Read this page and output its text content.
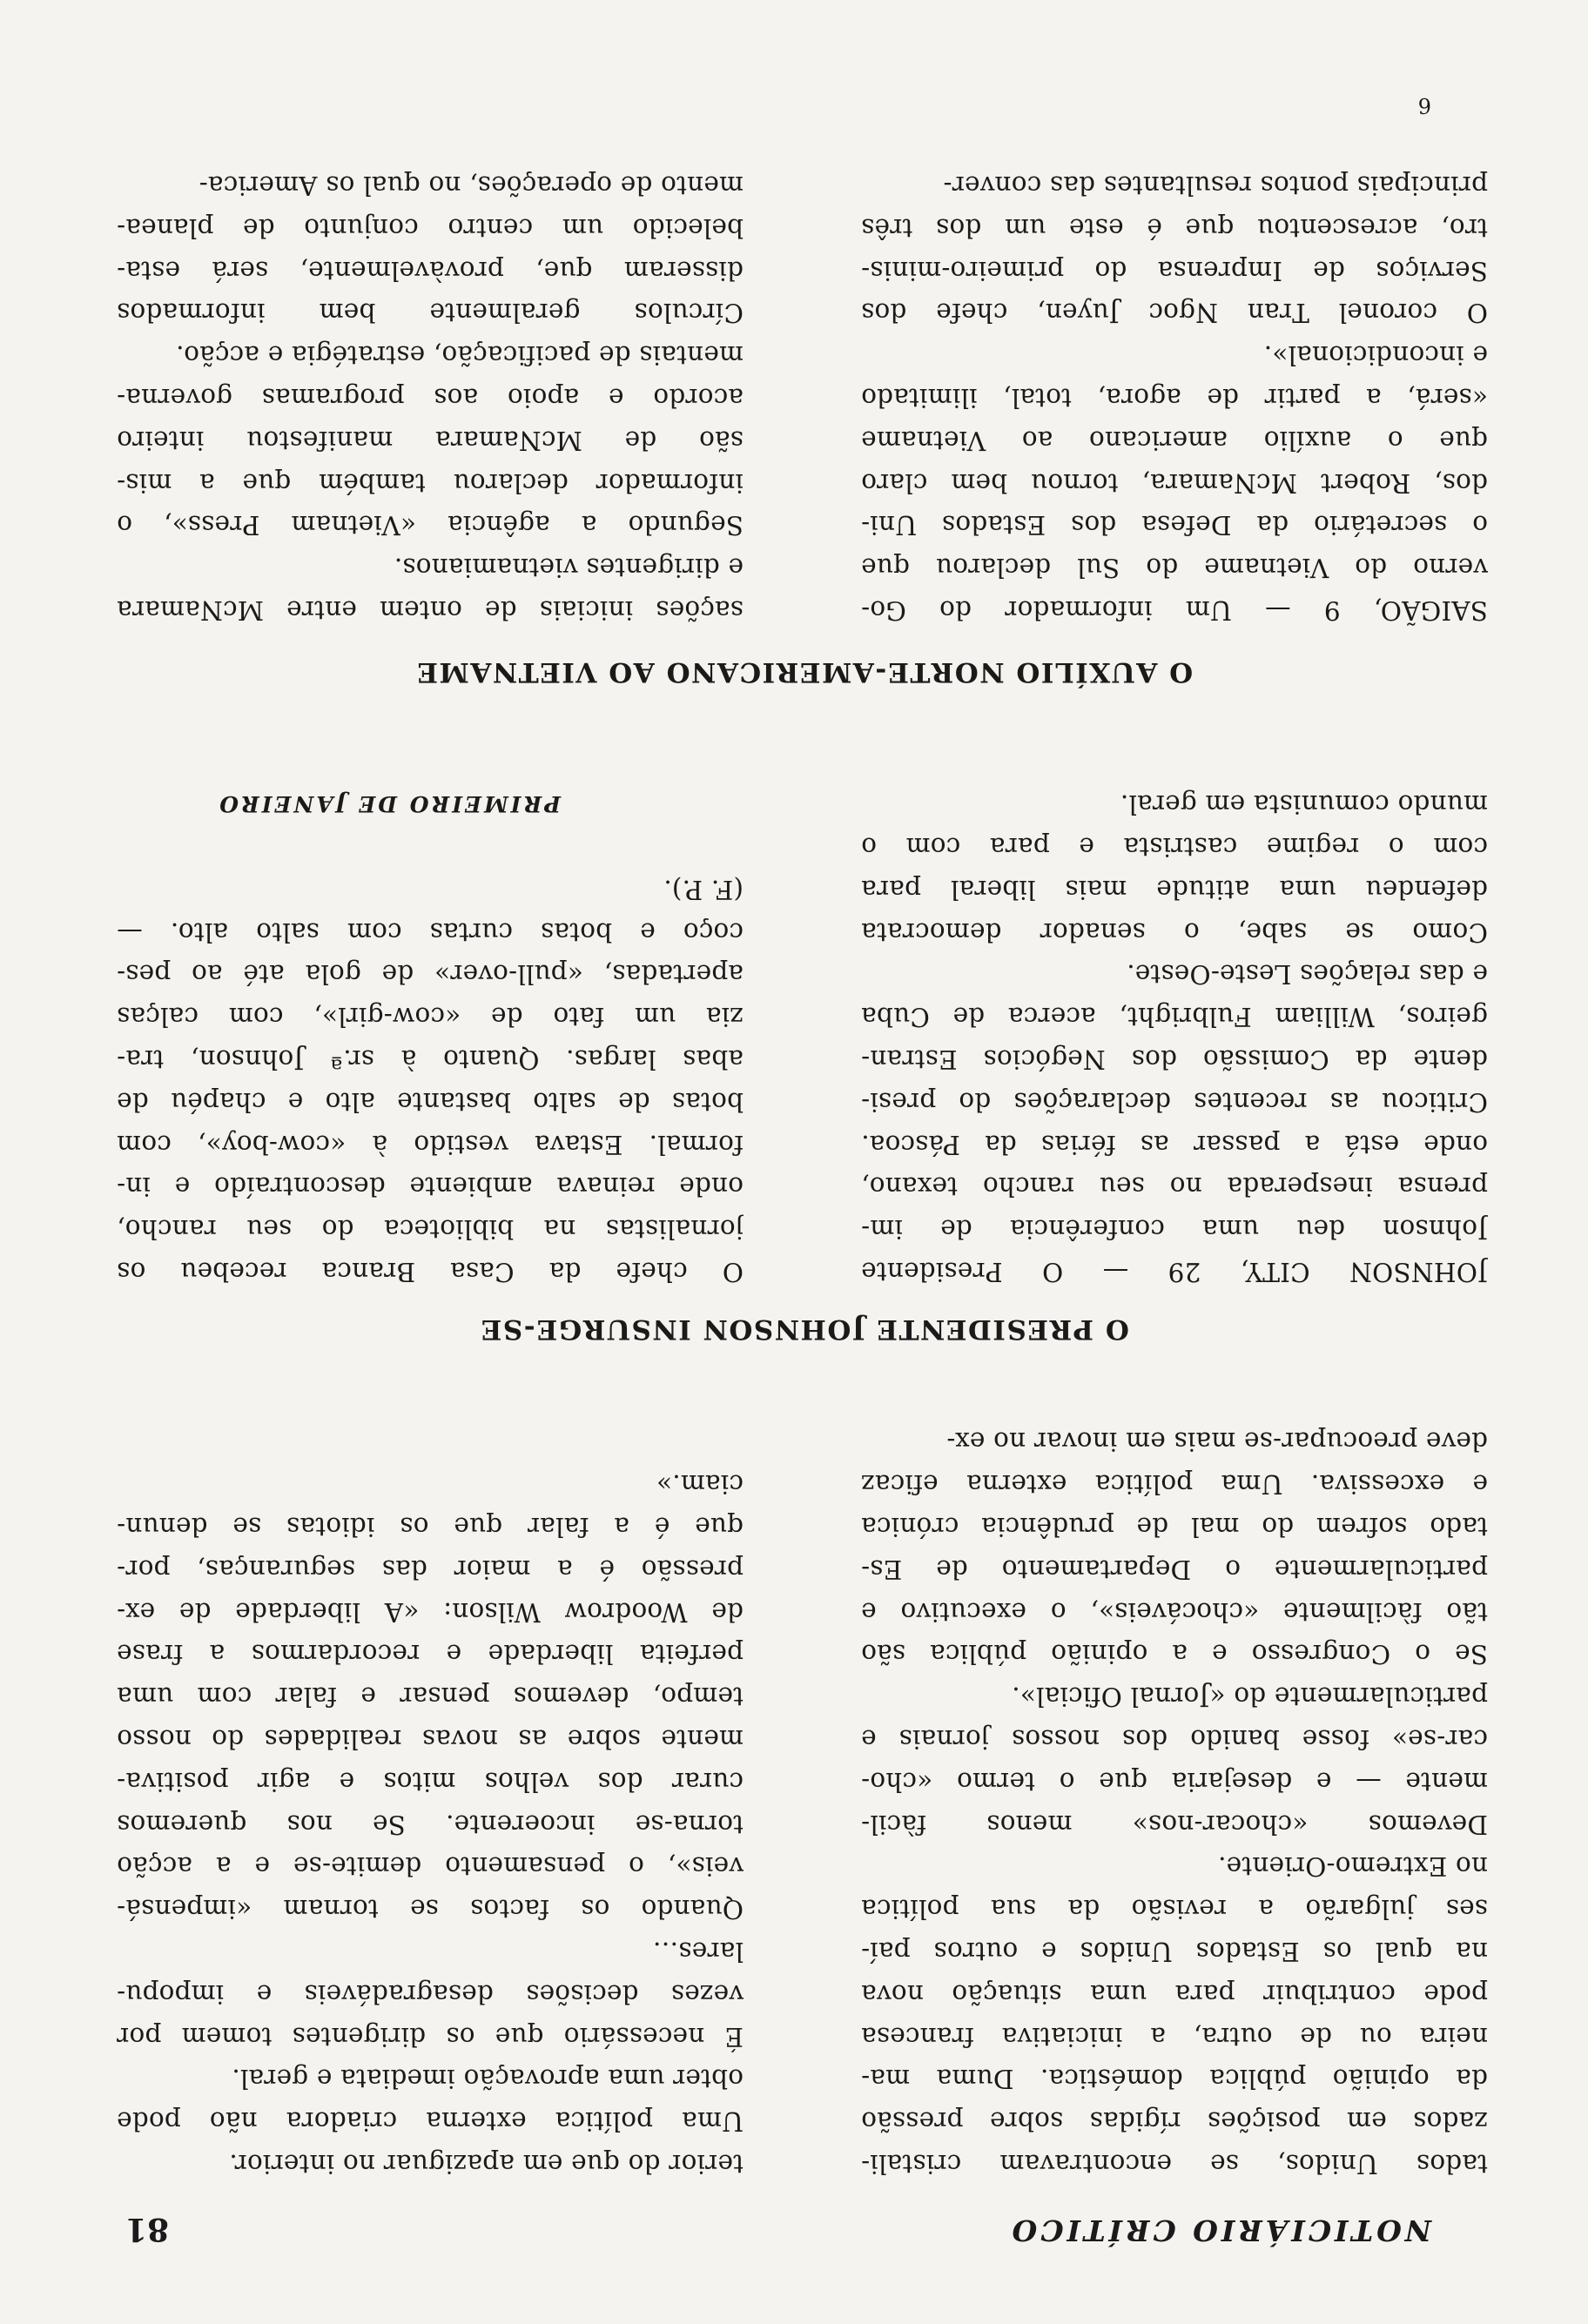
NOTICIÁRIO CRÍTICO
81
tados Unidos, se encontravam cristali-
zados em posições rígidas sobre pressão
da opinião pública doméstica. Duma ma-
neira ou de outra, a iniciativa francesa
pode contribuir para uma situação nova
na qual os Estados Unidos e outros paí-
ses julgarão a revisão da sua política
no Extremo-Oriente.
Devemos «chocar-nos» menos fàcil-
mente — e desejaria que o termo «cho-
car-se» fosse banido dos nossos jornais e
particularmente do «Jornal Oficial».
Se o Congresso e a opinião pública são
tão fàcilmente «chocáveis», o executivo e
particularmente o Departamento de Es-
tado sofrem do mal de prudência crónica
e excessiva. Uma política externa eficaz
deve preocupar-se mais em inovar no ex-
terior do que em apaziguar no interior.
Uma política externa criadora não pode
obter uma aprovação imediata e geral.
É necessário que os dirigentes tomem por
vezes decisões desagradáveis e impopu-
lares…
Quando os factos se tornam «impensá-
veis», o pensamento demite-se e a acção
torna-se incoerente. Se nos queremos
curar dos velhos mitos e agir positiva-
mente sobre as novas realidades do nosso
tempo, devemos pensar e falar com uma
perfeita liberdade e recordarmos a frase
de Woodrow Wilson: «A liberdade de ex-
pressão é a maior das seguranças, por-
que é a falar que os idiotas se denun-
ciam.»
O PRESIDENTE JOHNSON INSURGE-SE
JOHNSON CITY, 29 — O Presidente
Johnson deu uma conferência de im-
prensa inesperada no seu rancho texano,
onde está a passar as férias da Páscoa.
Criticou as recentes declarações do presi-
dente da Comissão dos Negócios Estran-
geiros, William Fulbright, acerca de Cuba
e das relações Leste-Oeste.
Como se sabe, o senador democrata
defendeu uma atitude mais liberal para
com o regime castrista e para com o
mundo comunista em geral.
O chefe da Casa Branca recebeu os
jornalistas na biblioteca do seu rancho,
onde reinava ambiente descontraído e in-
formal. Estava vestido à «cow-boy», com
botas de salto bastante alto e chapéu de
abas largas. Quanto à sr.ª Johnson, tra-
zia um fato de «cow-girl», com calças
apertadas, «pull-over» de gola até ao pes-
coço e botas curtas com salto alto. —
(F. P.).
PRIMEIRO DE JANEIRO
O AUXÍLIO NORTE-AMERICANO AO VIETNAME
SAIGÃO, 9 — Um informador do Go-
verno do Vietname do Sul declarou que
o secretário da Defesa dos Estados Uni-
dos, Robert McNamara, tornou bem claro
que o auxílio americano ao Vietname
«será, a partir de agora, total, ilimitado
e incondicional».
O coronel Tran Ngoc Juyen, chefe dos
Serviços de Imprensa do primeiro-minis-
tro, acrescentou que é este um dos três
principais pontos resultantes das conver-
sações iniciais de ontem entre McNamara
e dirigentes vietnamianos.
Segundo a agência «Vietnam Press», o
informador declarou também que a mis-
são de McNamara manifestou inteiro
acordo e apoio aos programas governa-
mentais de pacificação, estratégia e acção.
Círculos geralmente bem informados
disseram que, provàvelmente, será esta-
belecido um centro conjunto de planea-
mento de operações, no qual os America-
6
